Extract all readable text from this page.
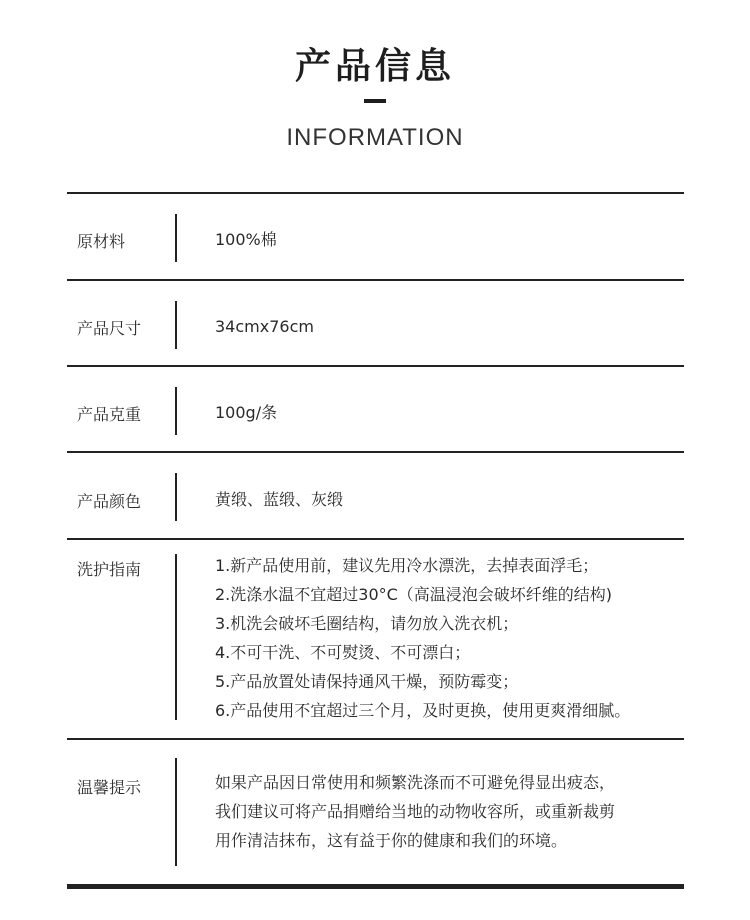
产品信息
INFORMATION
原材料	100%棉
产品尺寸	34cmx76cm
产品克重	100g/条
产品颜色	黄缎、蓝缎、灰缎
洗护指南	1.新产品使用前，建议先用冷水漂洗，去掉表面浮毛；
2.洗涤水温不宜超过30°C（高温浸泡会破坏纤维的结构)
3.机洗会破坏毛圈结构，请勿放入洗衣机；
4.不可干洗、不可熨烫、不可漂白；
5.产品放置处请保持通风干燥，预防霉变；
6.产品使用不宜超过三个月，及时更换，使用更爽滑细腻。
温馨提示	如果产品因日常使用和频繁洗涤而不可避免得显出疲态，
我们建议可将产品捐赠给当地的动物收容所，或重新裁剪
用作清洁抹布，这有益于你的健康和我们的环境。
